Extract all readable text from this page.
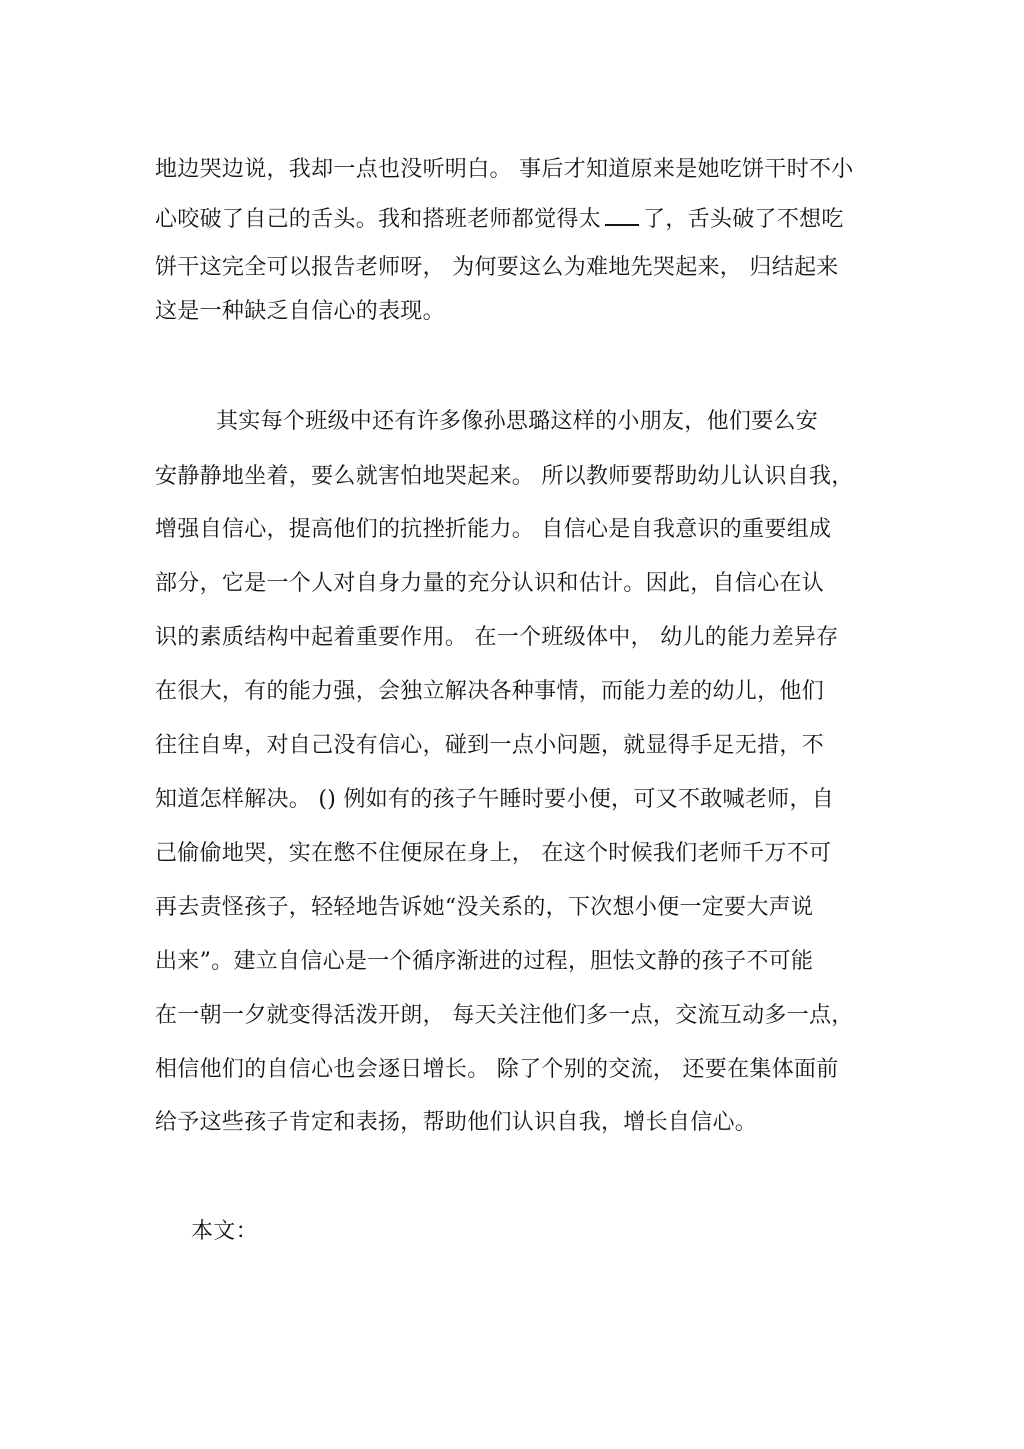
地边哭边说，我却一点也没听明白。 事后才知道原来是她吃饼干时不小
心咬破了自己的舌头。我和搭班老师都觉得太 了，舌头破了不想吃
饼干这完全可以报告老师呀， 为何要这么为难地先哭起来， 归结起来
这是一种缺乏自信心的表现。
其实每个班级中还有许多像孙思璐这样的小朋友，他们要么安
安静静地坐着，要么就害怕地哭起来。 所以教师要帮助幼儿认识自我，
增强自信心，提高他们的抗挫折能力。 自信心是自我意识的重要组成
部分，它是一个人对自身力量的充分认识和估计。因此，自信心在认
识的素质结构中起着重要作用。 在一个班级体中， 幼儿的能力差异存
在很大，有的能力强，会独立解决各种事情，而能力差的幼儿，他们
往往自卑，对自己没有信心，碰到一点小问题，就显得手足无措，不
知道怎样解决。 () 例如有的孩子午睡时要小便，可又不敢喊老师，自
己偷偷地哭，实在憋不住便尿在身上， 在这个时候我们老师千万不可
再去责怪孩子，轻轻地告诉她“没关系的，下次想小便一定要大声说
出来”。建立自信心是一个循序渐进的过程，胆怯文静的孩子不可能
在一朝一夕就变得活泼开朗， 每天关注他们多一点，交流互动多一点，
相信他们的自信心也会逐日增长。 除了个别的交流， 还要在集体面前
给予这些孩子肯定和表扬，帮助他们认识自我，增长自信心。
本文：
